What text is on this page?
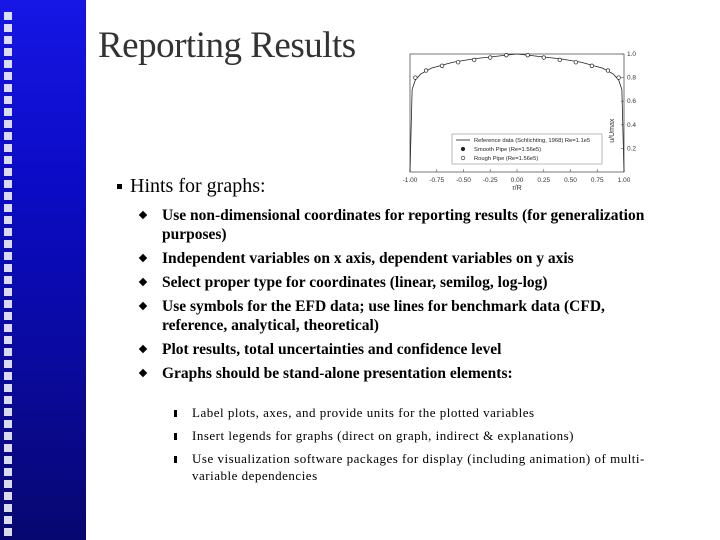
Reporting Results
-1.00 -0.75 -0.50 -0.25 0.00 0.25 0.50 0.75 1.00
1.0
0.8
0.6
0.4
0.2
r/R
u/Umax
Reference data (Schlichting, 1968) Re=1.1e5
Smooth Pipe (Re=1.56e5)
Rough Pipe (Re=1.56e5)
Hints for graphs:
Use non-dimensional coordinates for reporting results (for generalization purposes)
Independent variables on x axis, dependent variables on y axis
Select proper type for coordinates (linear, semilog, log-log)
Use symbols for the EFD data; use lines for benchmark data (CFD, reference, analytical, theoretical)
Plot results, total uncertainties and confidence level
Graphs should be stand-alone presentation elements:
Label plots, axes, and provide units for the plotted variables
Insert legends for graphs (direct on graph, indirect & explanations)
Use visualization software packages for display (including animation) of multi-variable dependencies
